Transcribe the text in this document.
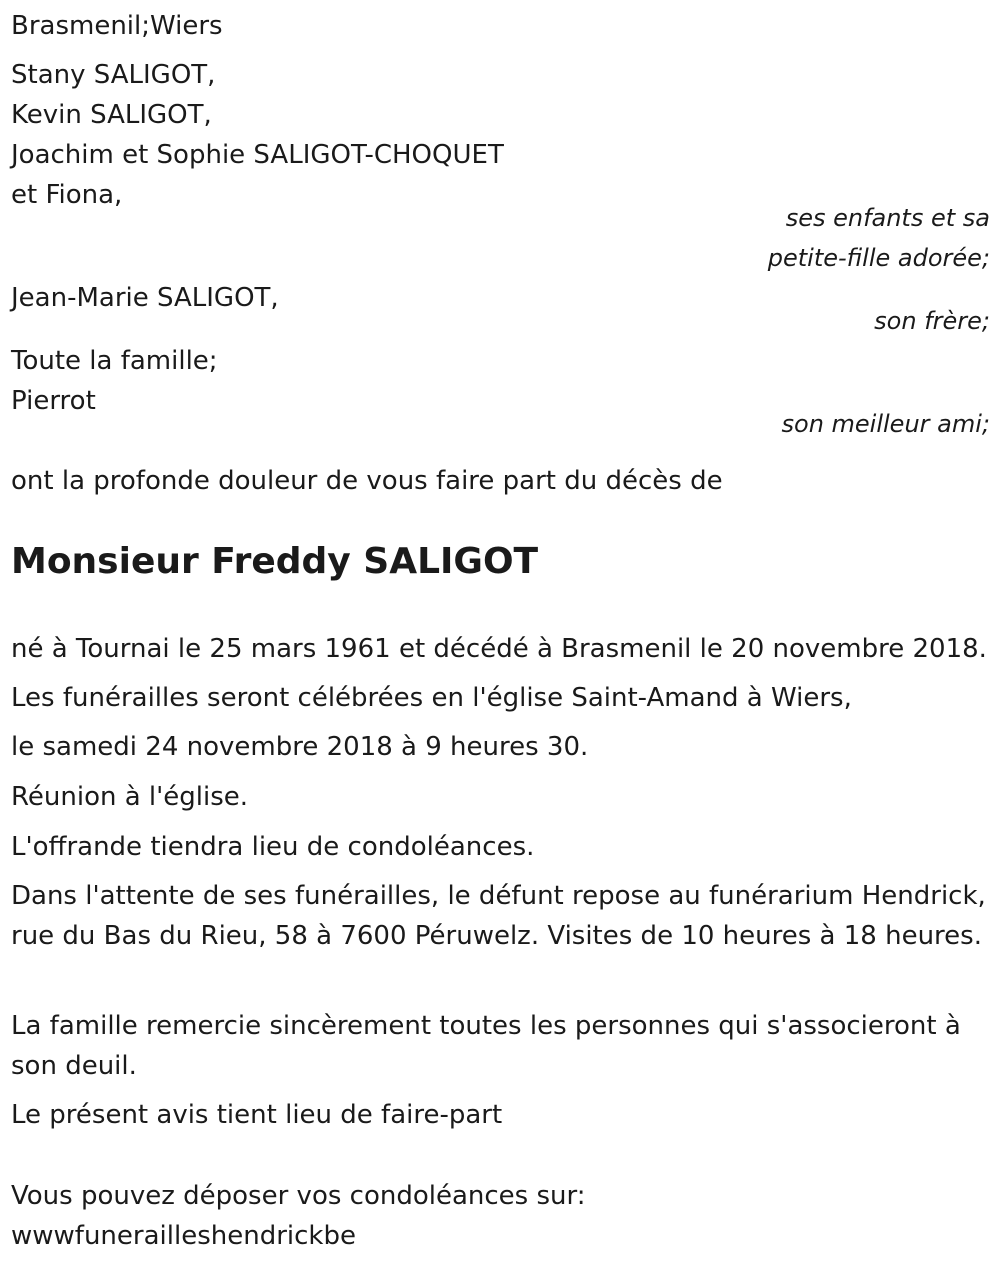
Brasmenil;Wiers
Stany SALIGOT,
Kevin SALIGOT,
Joachim et Sophie SALIGOT-CHOQUET
et Fiona,
ses enfants et sa
petite-fille adorée;
Jean-Marie SALIGOT,
son frère;
Toute la famille;
Pierrot
son meilleur ami;
ont la profonde douleur de vous faire part du décès de
Monsieur Freddy SALIGOT
né à Tournai le 25 mars 1961 et décédé à Brasmenil le 20 novembre 2018.
Les funérailles seront célébrées en l'église Saint-Amand à Wiers,
le samedi 24 novembre 2018 à 9 heures 30.
Réunion à l'église.
L'offrande tiendra lieu de condoléances.
Dans l'attente de ses funérailles, le défunt repose au funérarium Hendrick, rue du Bas du Rieu, 58 à 7600 Péruwelz. Visites de 10 heures à 18 heures.
La famille remercie sincèrement toutes les personnes qui s'associeront à son deuil.
Le présent avis tient lieu de faire-part
Vous pouvez déposer vos condoléances sur:
wwwfunerailleshendrickbe
